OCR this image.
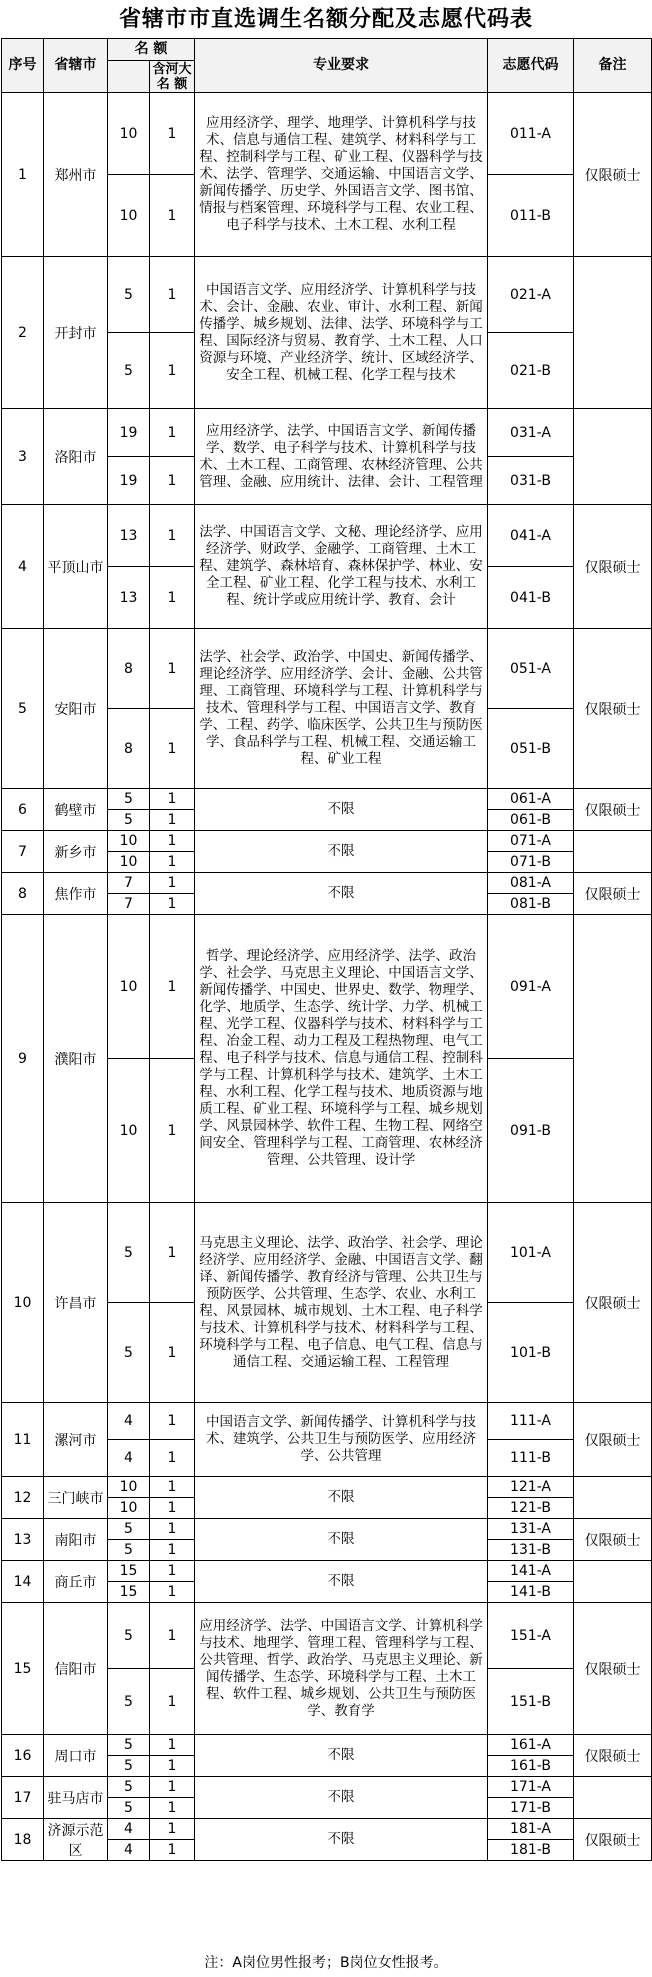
省辖市市直选调生名额分配及志愿代码表
序号	省辖市	名 额		专业要求	志愿代码	备注
			含河大名 额			
1	郑州市	10	1	应用经济学、理学、地理学、计算机科学与技术、信息与通信工程、建筑学、材料科学与工程、控制科学与工程、矿业工程、仪器科学与技术、法学、管理学、交通运输、中国语言文学、新闻传播学、历史学、外国语言文学、图书馆、情报与档案管理、环境科学与工程、农业工程、电子科学与技术、土木工程、水利工程	011-A	仅限硕士
		10	1		011-B	
2	开封市	5	1	中国语言文学、应用经济学、计算机科学与技术、会计、金融、农业、审计、水利工程、新闻传播学、城乡规划、法律、法学、环境科学与工程、国际经济与贸易、教育学、土木工程、人口资源与环境、产业经济学、统计、区域经济学、安全工程、机械工程、化学工程与技术	021-A	
		5	1		021-B	
3	洛阳市	19	1	应用经济学、法学、中国语言文学、新闻传播学、数学、电子科学与技术、计算机科学与技术、土木工程、工商管理、农林经济管理、公共管理、金融、应用统计、法律、会计、工程管理	031-A	
		19	1		031-B	
4	平顶山市	13	1	法学、中国语言文学、文秘、理论经济学、应用经济学、财政学、金融学、工商管理、土木工程、建筑学、森林培育、森林保护学、林业、安全工程、矿业工程、化学工程与技术、水利工程、统计学或应用统计学、教育、会计	041-A	仅限硕士
		13	1		041-B	
5	安阳市	8	1	法学、社会学、政治学、中国史、新闻传播学、理论经济学、应用经济学、会计、金融、公共管理、工商管理、环境科学与工程、计算机科学与技术、管理科学与工程、中国语言文学、教育学、工程、药学、临床医学、公共卫生与预防医学、食品科学与工程、机械工程、交通运输工程、矿业工程	051-A	仅限硕士
		8	1		051-B	
6	鹤壁市	5	1	不限	061-A	仅限硕士
		5	1		061-B	
7	新乡市	10	1	不限	071-A	
		10	1		071-B	
8	焦作市	7	1	不限	081-A	仅限硕士
		7	1		081-B	
9	濮阳市	10	1	哲学、理论经济学、应用经济学、法学、政治学、社会学、马克思主义理论、中国语言文学、新闻传播学、中国史、世界史、数学、物理学、化学、地质学、生态学、统计学、力学、机械工程、光学工程、仪器科学与技术、材料科学与工程、冶金工程、动力工程及工程热物理、电气工程、电子科学与技术、信息与通信工程、控制科学与工程、计算机科学与技术、建筑学、土木工程、水利工程、化学工程与技术、地质资源与地质工程、矿业工程、环境科学与工程、城乡规划学、风景园林学、软件工程、生物工程、网络空间安全、管理科学与工程、工商管理、农林经济管理、公共管理、设计学	091-A	
		10	1		091-B	
10	许昌市	5	1	马克思主义理论、法学、政治学、社会学、理论经济学、应用经济学、金融、中国语言文学、翻译、新闻传播学、教育经济与管理、公共卫生与预防医学、公共管理、生态学、农业、水利工程、风景园林、城市规划、土木工程、电子科学与技术、计算机科学与技术、材料科学与工程、环境科学与工程、电子信息、电气工程、信息与通信工程、交通运输工程、工程管理	101-A	仅限硕士
		5	1		101-B	
11	漯河市	4	1	中国语言文学、新闻传播学、计算机科学与技术、建筑学、公共卫生与预防医学、应用经济学、公共管理	111-A	仅限硕士
		4	1		111-B	
12	三门峡市	10	1	不限	121-A	
		10	1		121-B	
13	南阳市	5	1	不限	131-A	仅限硕士
		5	1		131-B	
14	商丘市	15	1	不限	141-A	
		15	1		141-B	
15	信阳市	5	1	应用经济学、法学、中国语言文学、计算机科学与技术、地理学、管理工程、管理科学与工程、公共管理、哲学、政治学、马克思主义理论、新闻传播学、生态学、环境科学与工程、土木工程、软件工程、城乡规划、公共卫生与预防医学、教育学	151-A	仅限硕士
		5	1		151-B	
16	周口市	5	1	不限	161-A	仅限硕士
		5	1		161-B	
17	驻马店市	5	1	不限	171-A	
		5	1		171-B	
18	济源示范区	4	1	不限	181-A	仅限硕士
		4	1		181-B	
注：A岗位男性报考；B岗位女性报考。
